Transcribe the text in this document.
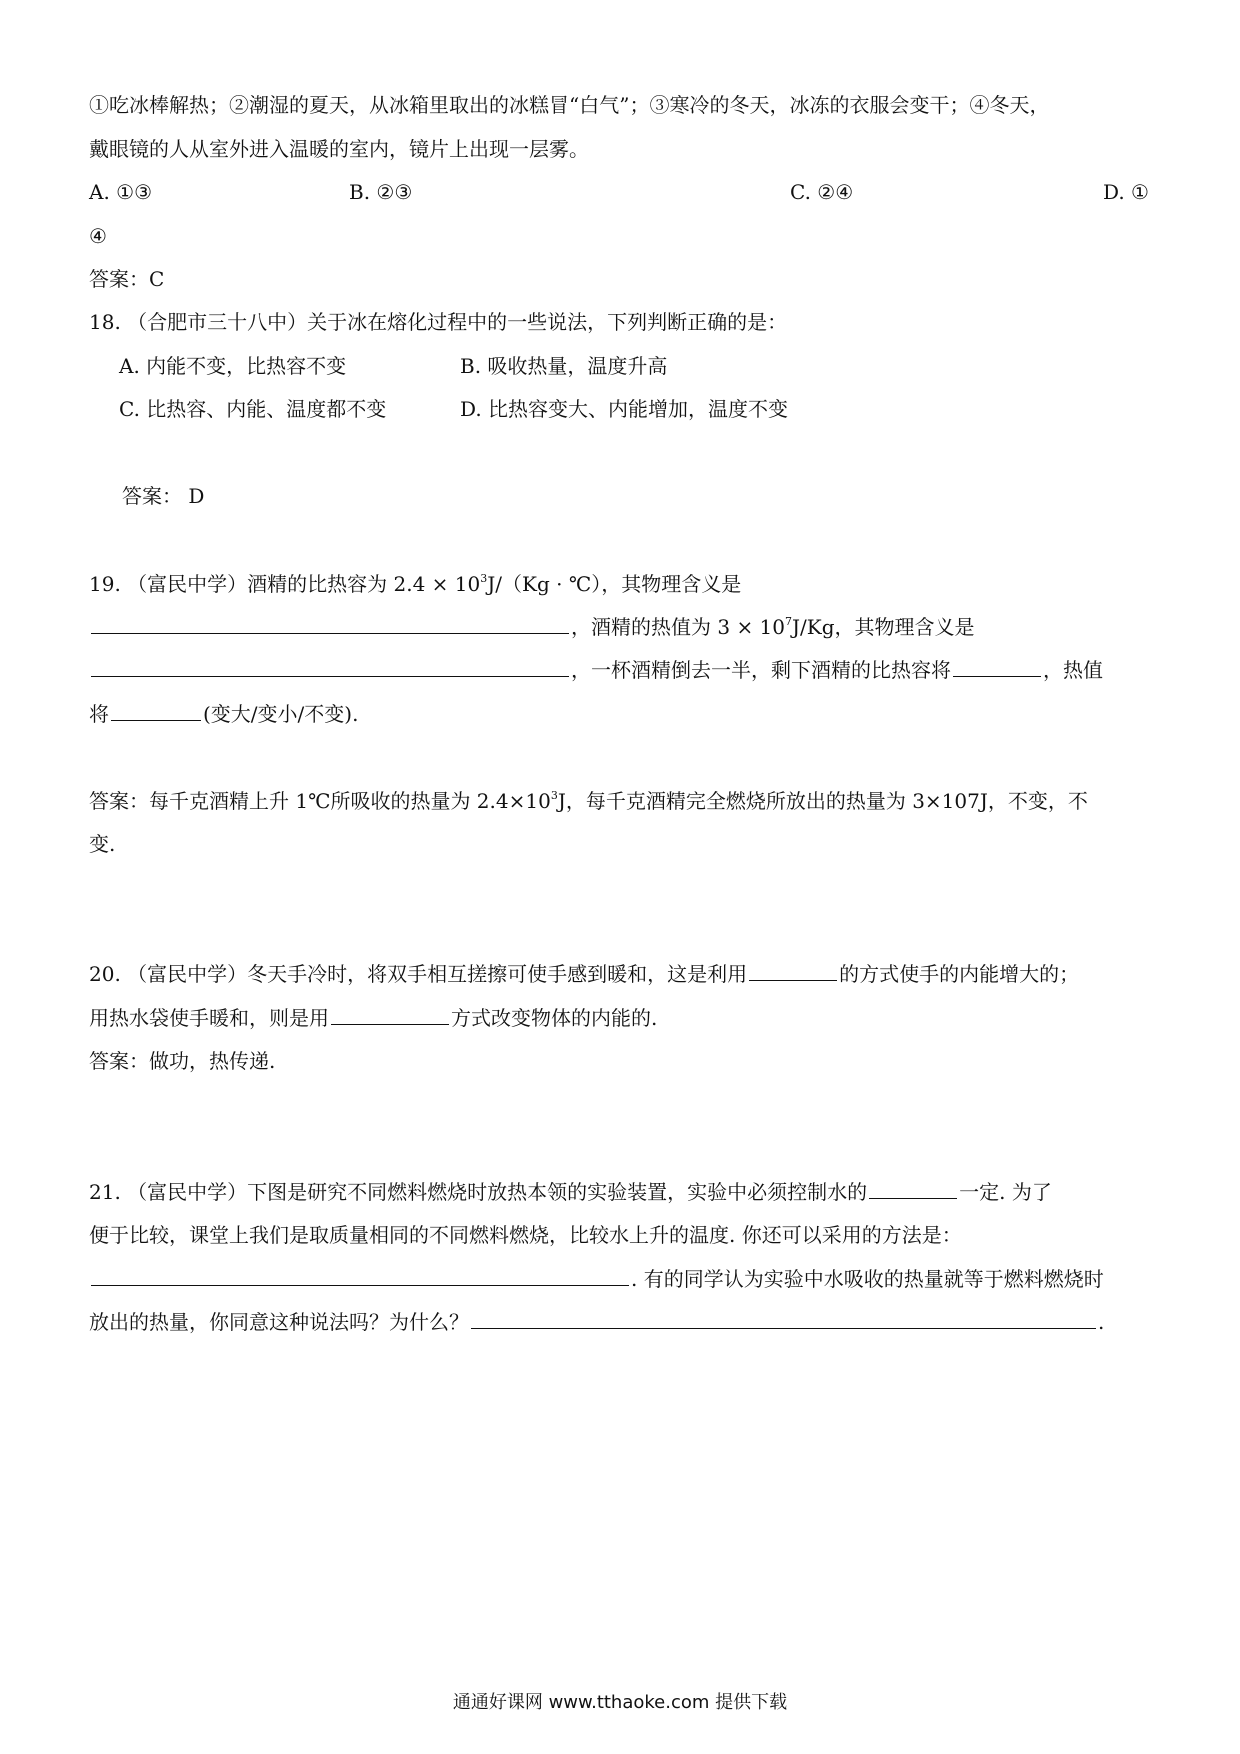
①吃冰棒解热；②潮湿的夏天，从冰箱里取出的冰糕冒“白气”；③寒冷的冬天，冰冻的衣服会变干；④冬天，
戴眼镜的人从室外进入温暖的室内，镜片上出现一层雾。
A. ①③	B. ②③	C. ②④	D. ①
④
答案：C
18. （合肥市三十八中）关于冰在熔化过程中的一些说法，下列判断正确的是：
A. 内能不变，比热容不变	B. 吸收热量，温度升高
C. 比热容、内能、温度都不变	D. 比热容变大、内能增加，温度不变
答案： D
19. （富民中学）酒精的比热容为 $2.4 \times 10^3J/(Kg$ · ℃），其物理含义是
，酒精的热值为 $3 \times 10^7J/Kg$，其物理含义是
，一杯酒精倒去一半，剩下酒精的比热容将	，热值
将	(变大/变小/不变).
答案：每千克酒精上升 1℃所吸收的热量为 $2.4\times 10^3J$，每千克酒精完全燃烧所放出的热量为 3×107J，不变，不
变.
20. （富民中学）冬天手冷时，将双手相互搓擦可使手感到暖和，这是利用	的方式使手的内能增大的；
用热水袋使手暖和，则是用	方式改变物体的内能的.
答案：做功，热传递.
21. （富民中学）下图是研究不同燃料燃烧时放热本领的实验装置，实验中必须控制水的	一定. 为了
便于比较，课堂上我们是取质量相同的不同燃料燃烧，比较水上升的温度. 你还可以采用的方法是：
. 有的同学认为实验中水吸收的热量就等于燃料燃烧时
放出的热量，你同意这种说法吗？为什么？	.
通通好课网 www.tthaoke.com 提供下载
